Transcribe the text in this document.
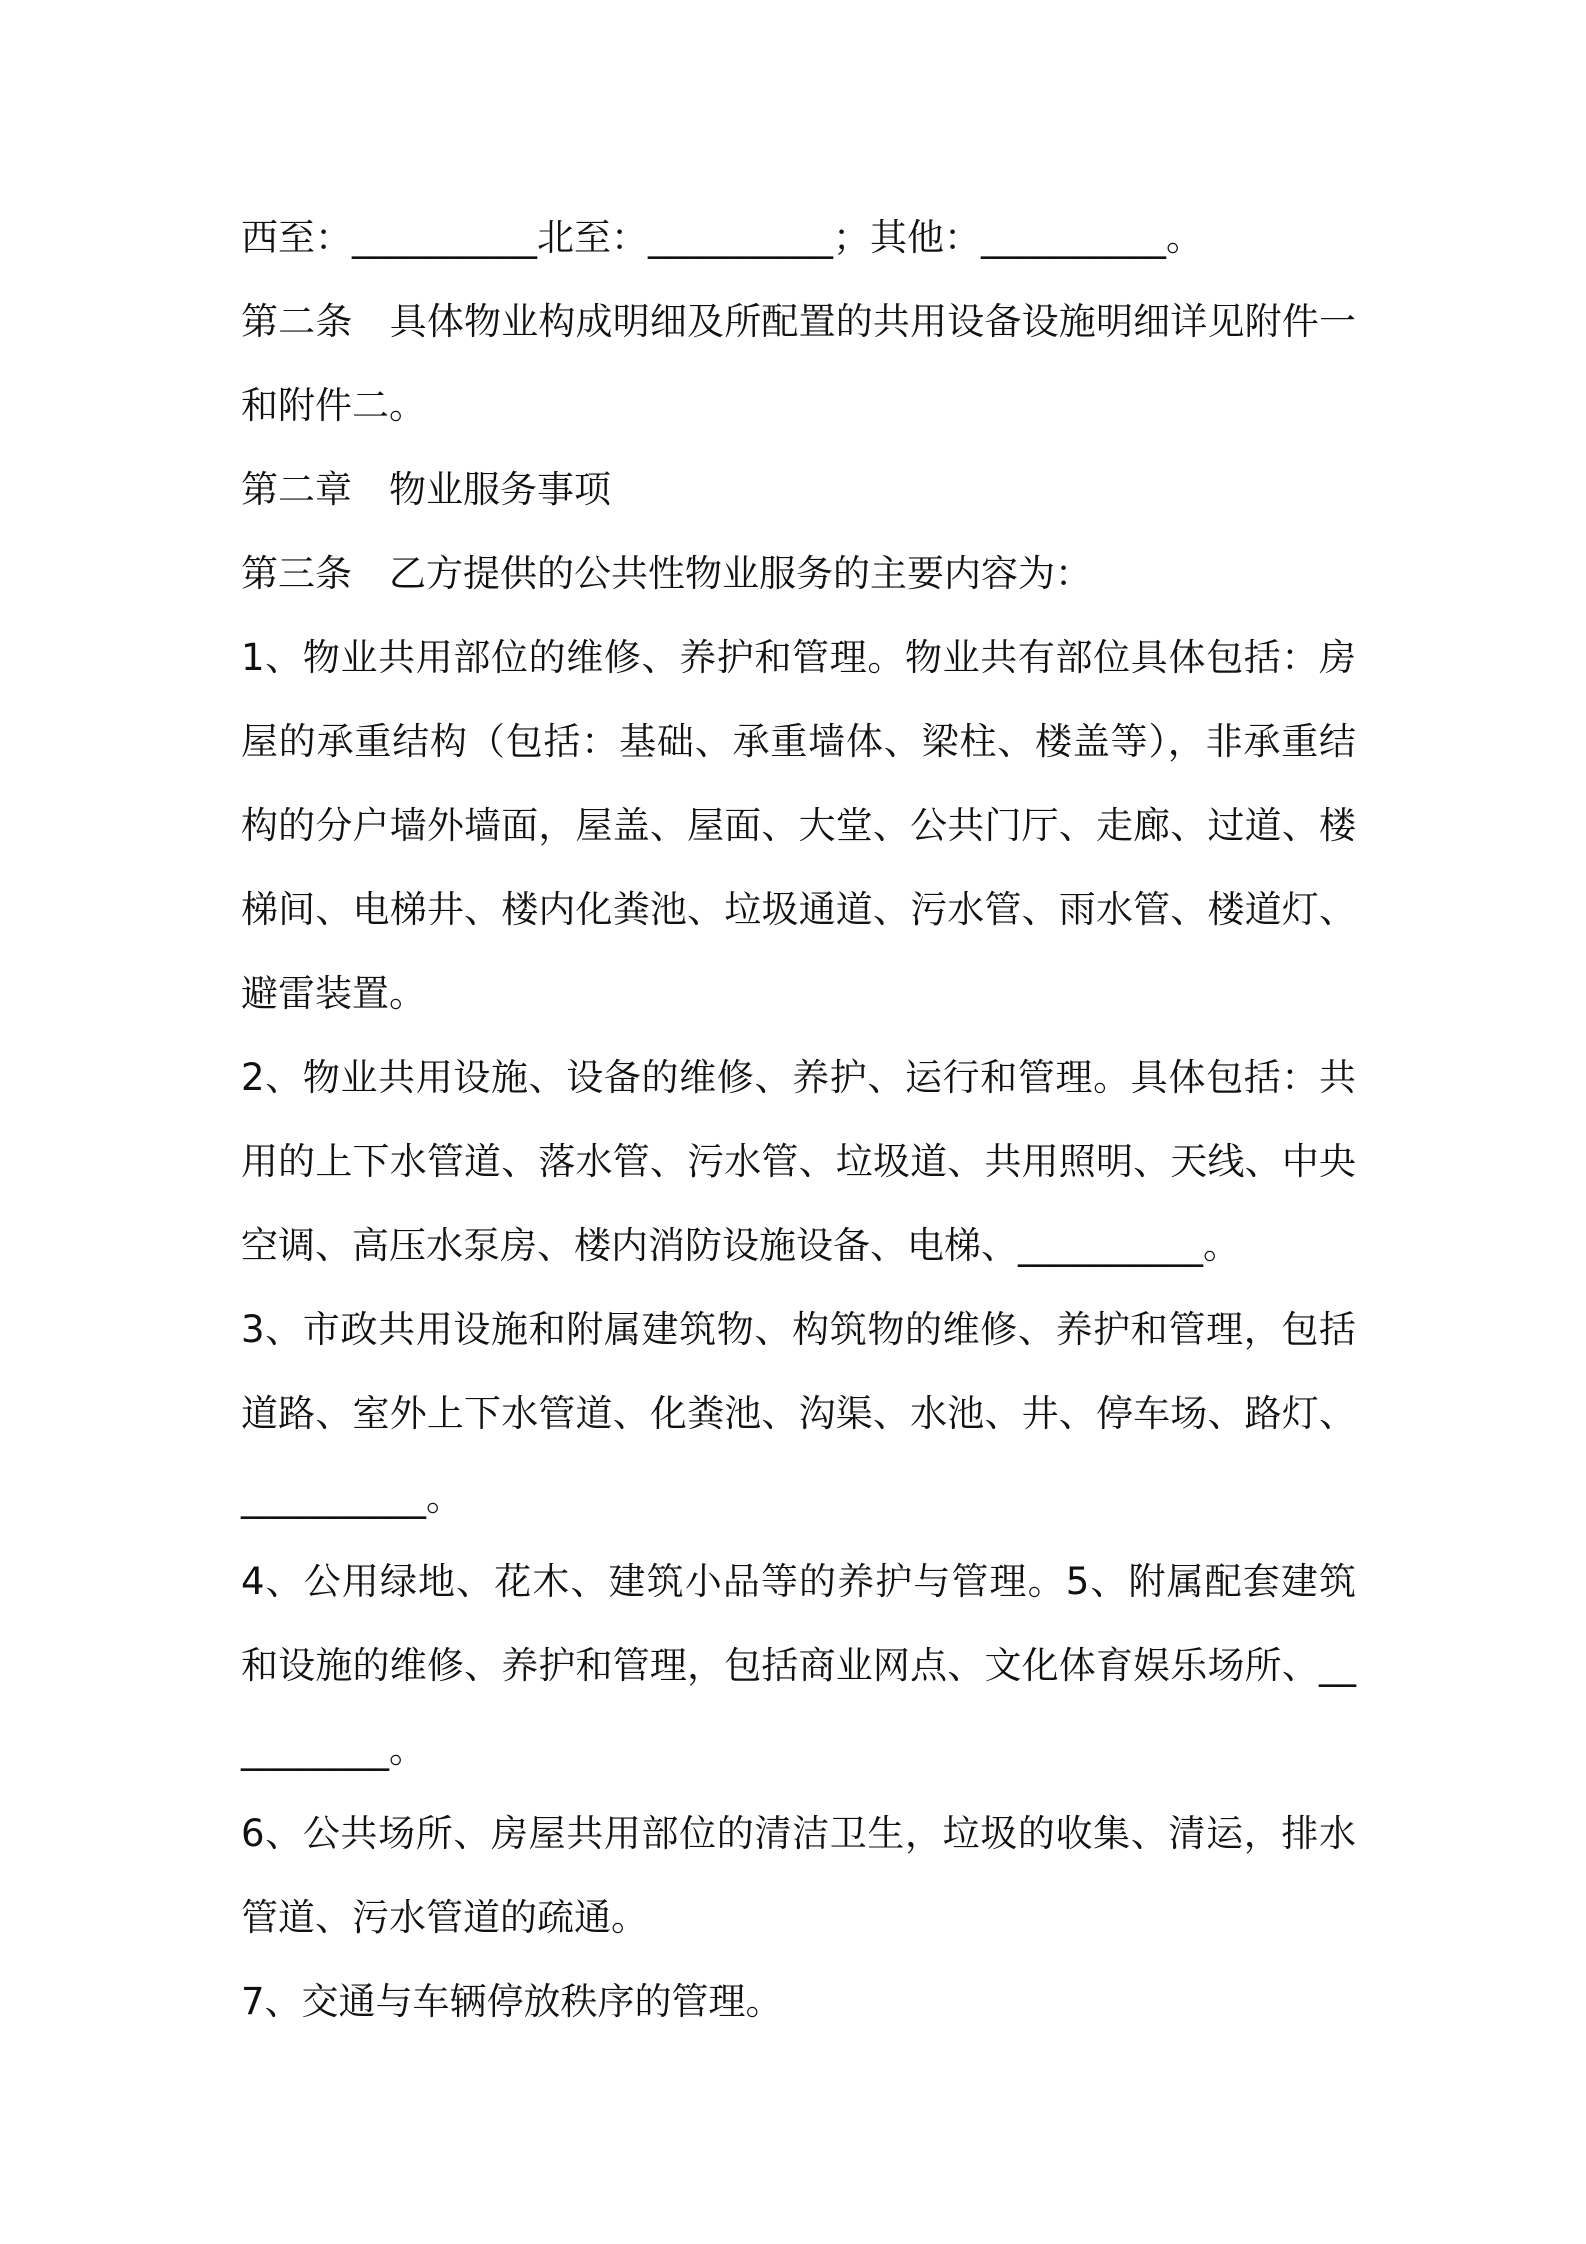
西至：__________北至：__________；其他：__________。

第二条　具体物业构成明细及所配置的共用设备设施明细详见附件一和附件二。

第二章　物业服务事项

第三条　乙方提供的公共性物业服务的主要内容为：

1、物业共用部位的维修、养护和管理。物业共有部位具体包括：房屋的承重结构（包括：基础、承重墙体、梁柱、楼盖等），非承重结构的分户墙外墙面，屋盖、屋面、大堂、公共门厅、走廊、过道、楼梯间、电梯井、楼内化粪池、垃圾通道、污水管、雨水管、楼道灯、避雷装置。

2、物业共用设施、设备的维修、养护、运行和管理。具体包括：共用的上下水管道、落水管、污水管、垃圾道、共用照明、天线、中央空调、高压水泵房、楼内消防设施设备、电梯、__________。

3、市政共用设施和附属建筑物、构筑物的维修、养护和管理，包括道路、室外上下水管道、化粪池、沟渠、水池、井、停车场、路灯、__________。

4、公用绿地、花木、建筑小品等的养护与管理。5、附属配套建筑和设施的维修、养护和管理，包括商业网点、文化体育娱乐场所、__________。

6、公共场所、房屋共用部位的清洁卫生，垃圾的收集、清运，排水管道、污水管道的疏通。

7、交通与车辆停放秩序的管理。
